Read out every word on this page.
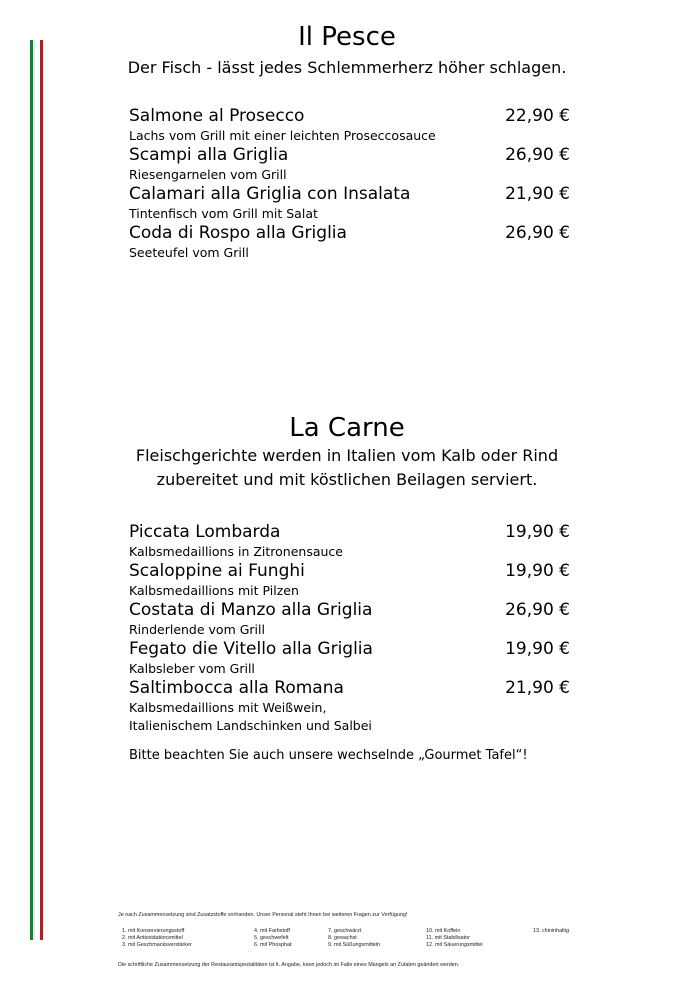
Il Pesce
Der Fisch - lässt jedes Schlemmerherz höher schlagen.
Salmone al Prosecco	22,90 €
Lachs vom Grill mit einer leichten Proseccosauce
Scampi alla Griglia	26,90 €
Riesengarnelen vom Grill
Calamari alla Griglia con Insalata	21,90 €
Tintenfisch vom Grill mit Salat
Coda di Rospo alla Griglia	26,90 €
Seeteufel vom Grill
La Carne
Fleischgerichte werden in Italien vom Kalb oder Rind
zubereitet und mit köstlichen Beilagen serviert.
Piccata Lombarda	19,90 €
Kalbsmedaillions in Zitronensauce
Scaloppine ai Funghi	19,90 €
Kalbsmedaillions mit Pilzen
Costata di Manzo alla Griglia	26,90 €
Rinderlende vom Grill
Fegato die Vitello alla Griglia	19,90 €
Kalbsleber vom Grill
Saltimbocca alla Romana	21,90 €
Kalbsmedaillions mit Weißwein,
Italienischem Landschinken und Salbei
Bitte beachten Sie auch unsere wechselnde „Gourmet Tafel“!
Je nach Zusammensetzung sind Zusatzstoffe vorhanden. Unser Personal steht Ihnen bei weiteren Fragen zur Verfügung!
1. mit Konservierungsstoff
2. mit Antioxidationsmittel
3. mit Geschmacksverstärker
4. mit Farbstoff
5. geschwefelt
6. mit Phosphat
7. geschwärzt
8. gewachst
9. mit Süßungsmitteln
10. mit Koffein
11. mit Stabilisator
12. mit Säuerungsmittel
13. chininhaltig
Die schriftliche Zusammensetzung der Restaurantspezialitäten ist lt. Angabe, kann jedoch im Falle eines Mangels an Zutaten geändert werden.
